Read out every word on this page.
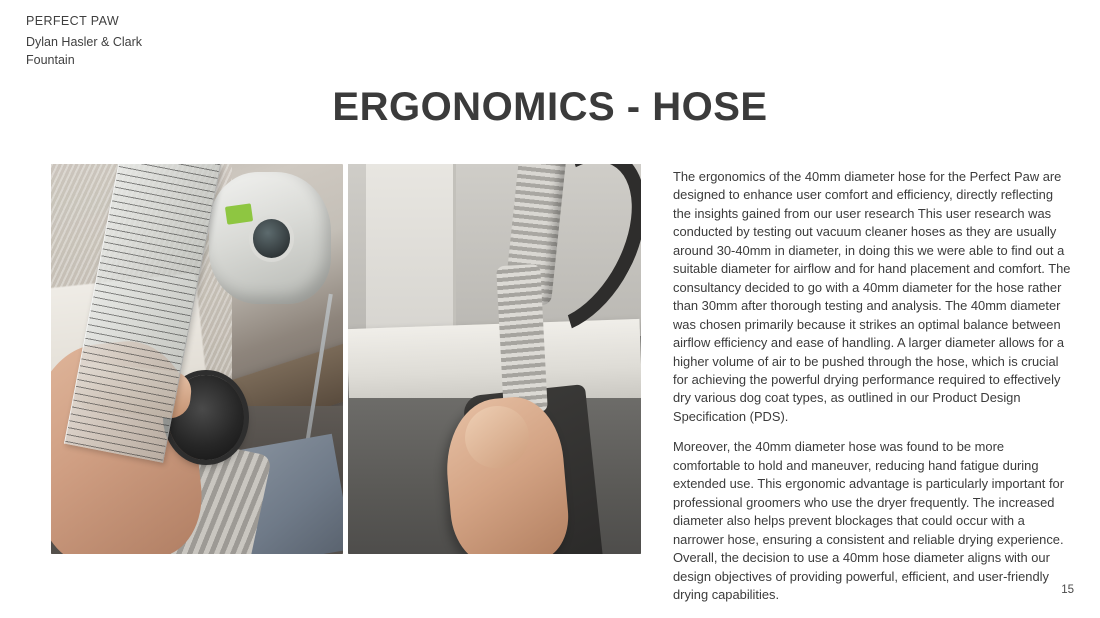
PERFECT PAW
Dylan Hasler & Clark Fountain
ERGONOMICS - HOSE

The ergonomics of the 40mm diameter hose for the Perfect Paw are designed to enhance user comfort and efficiency, directly reflecting the insights gained from our user research This user research was conducted by testing out vacuum cleaner hoses as they are usually around 30-40mm in diameter, in doing this we were able to find out a suitable diameter for airflow and for hand placement and comfort. The consultancy decided to go with a 40mm diameter for the hose rather than 30mm after thorough testing and analysis. The 40mm diameter was chosen primarily because it strikes an optimal balance between airflow efficiency and ease of handling. A larger diameter allows for a higher volume of air to be pushed through the hose, which is crucial for achieving the powerful drying performance required to effectively dry various dog coat types, as outlined in our Product Design Specification (PDS).

Moreover, the 40mm diameter hose was found to be more comfortable to hold and maneuver, reducing hand fatigue during extended use. This ergonomic advantage is particularly important for professional groomers who use the dryer frequently. The increased diameter also helps prevent blockages that could occur with a narrower hose, ensuring a consistent and reliable drying experience. Overall, the decision to use a 40mm hose diameter aligns with our design objectives of providing powerful, efficient, and user-friendly drying capabilities.	15
